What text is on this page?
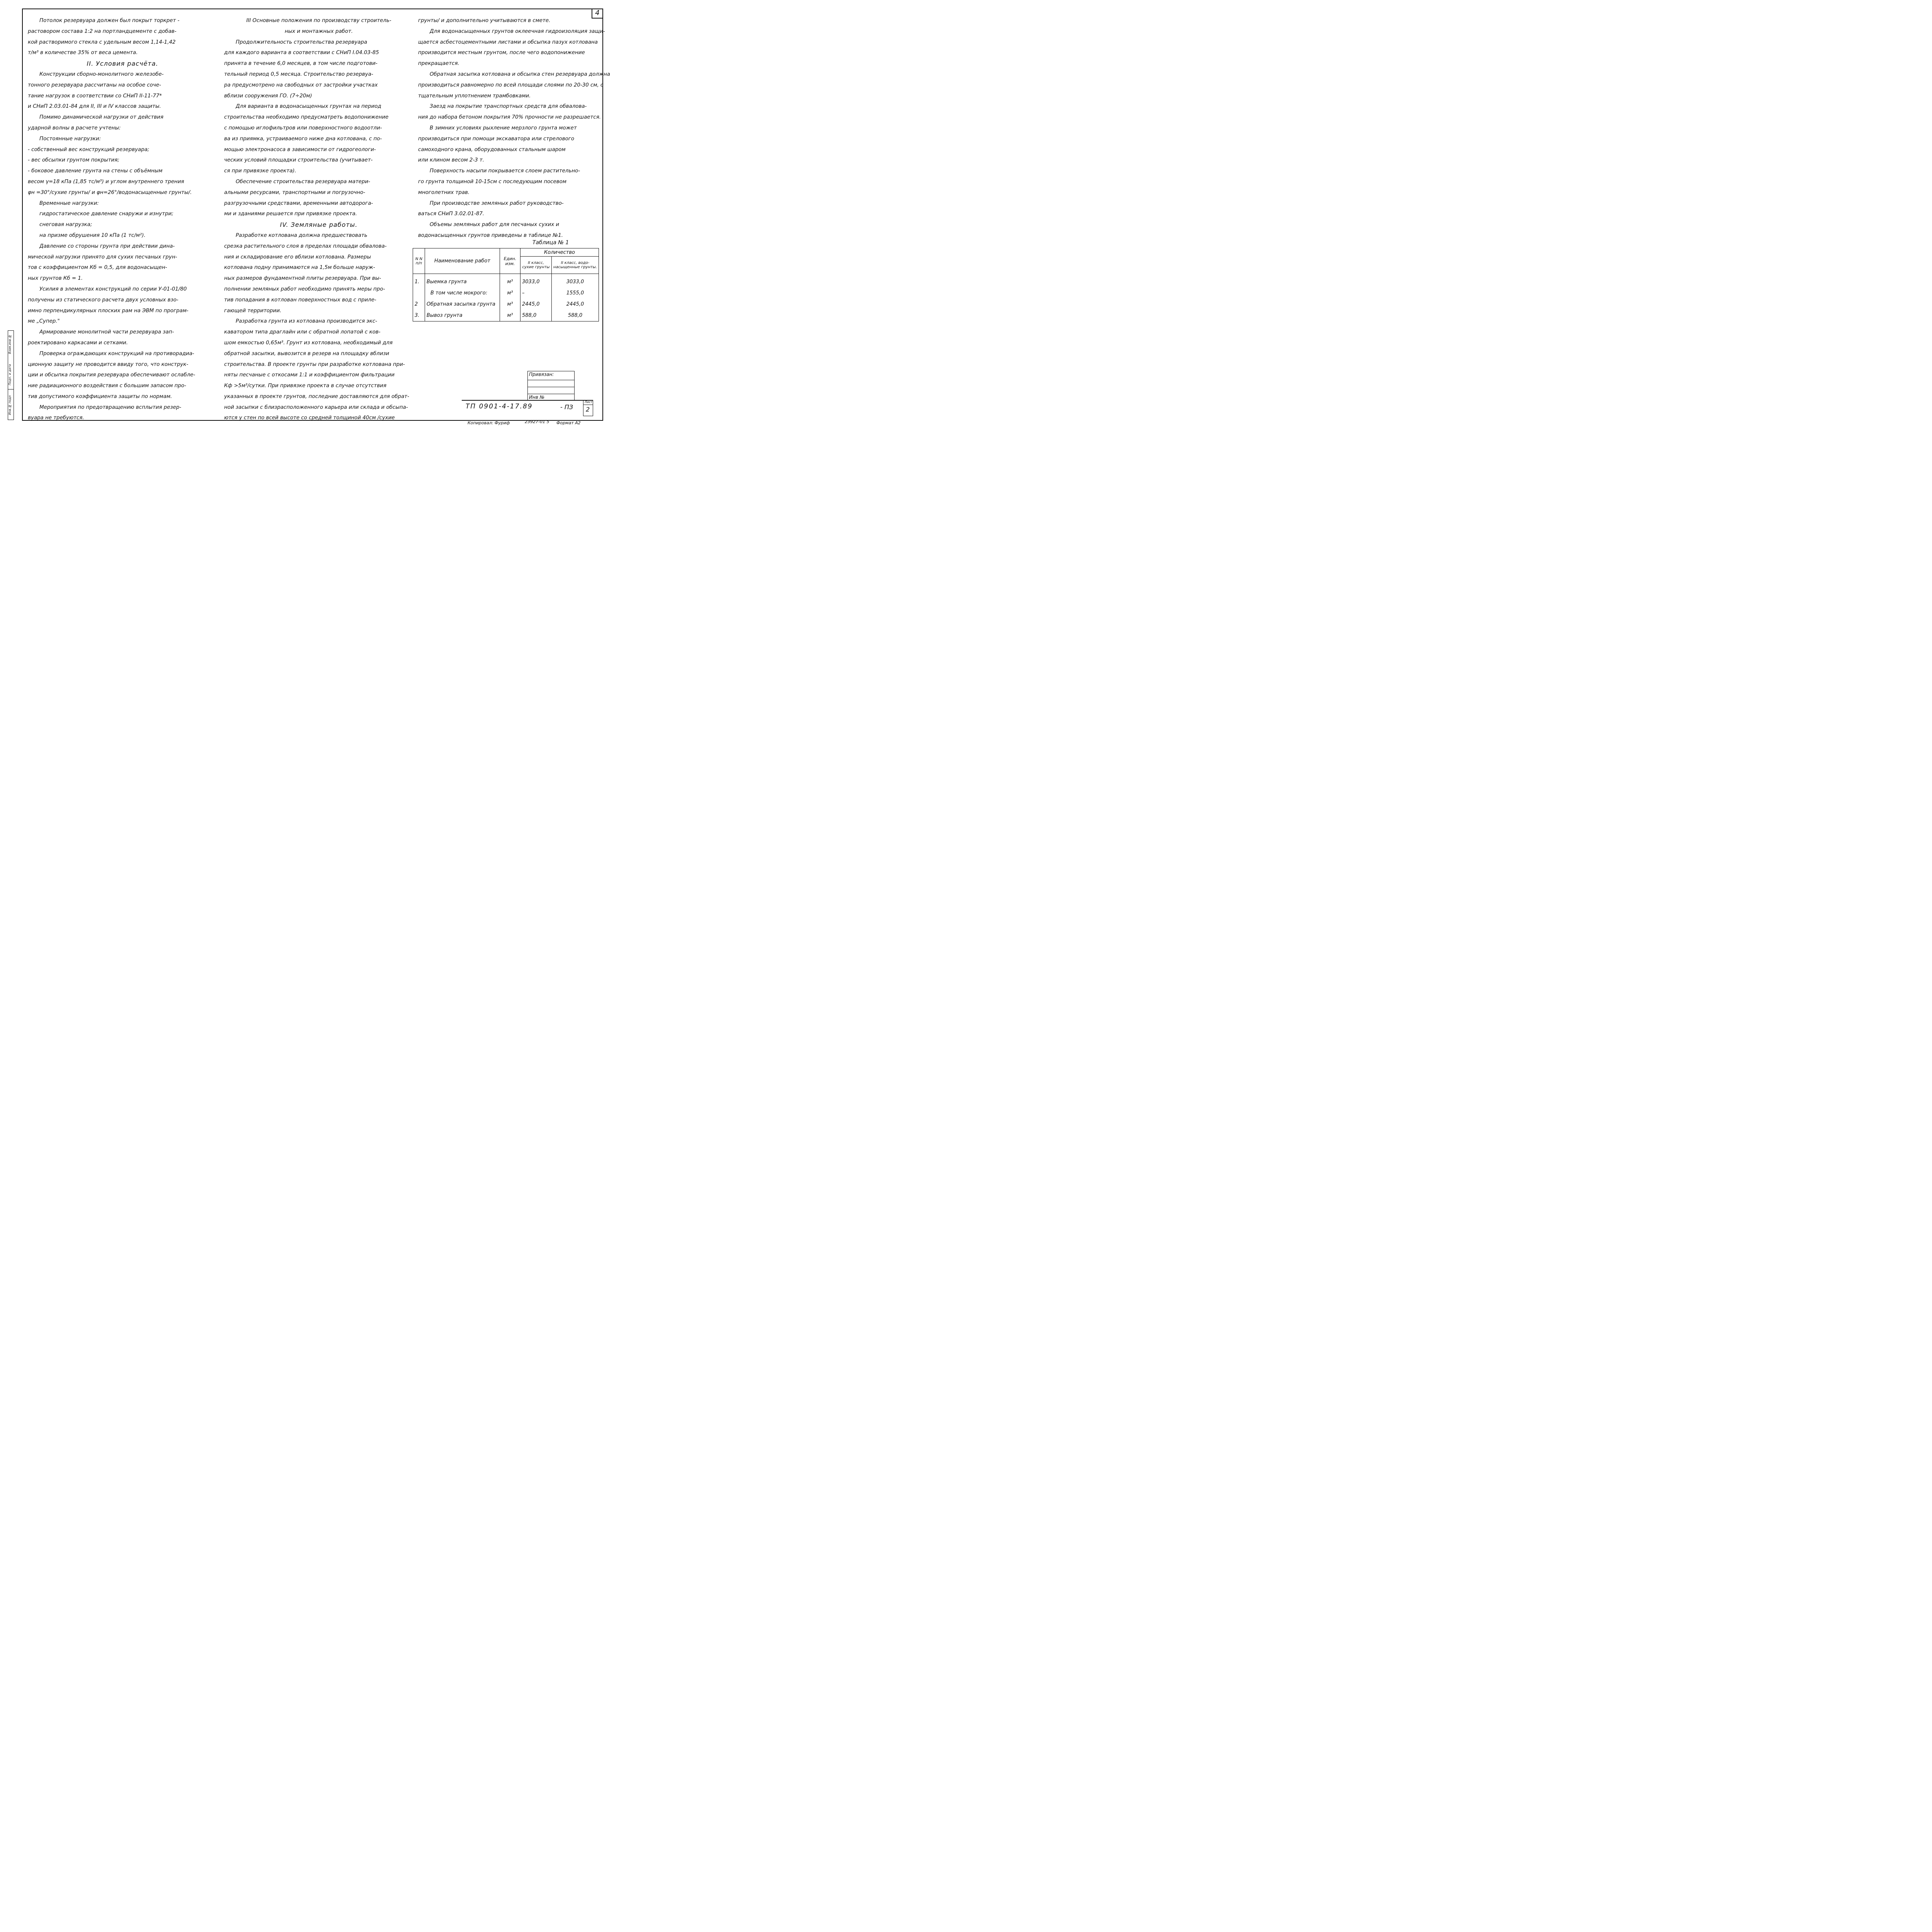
4
Взам.инв.№
Подп. и дата
Инв.№ подл
Потолок резервуара должен был покрыт торкрет -
растовором состава 1:2 на портландцементе с добав-
кой растворимого стекла с удельным весом 1,14-1,42
т/м³ в количестве 35% от веса цемента.
II. Условия расчёта.
Конструкции сборно-монолитного железобе-
тонного резервуара рассчитаны на особое соче-
тание нагрузок в соответствии со СНиП II-11-77*
и СНиП 2.03.01-84 для II, III и IV классов защиты.
Помимо динамической нагрузки от действия
ударной волны в расчете учтены:
Постоянные нагрузки:
- собственный вес конструкций резервуара;
- вес обсыпки грунтом покрытия;
- боковое давление грунта на стены с объёмным
весом γ=18 кПа (1,85 тс/м³) и углом внутреннего трения
φн =30°/сухие грунты/ и φн=26°/водонасыщенные грунты/.
Временные нагрузки:
гидростатическое давление снаружи и изнутри;
снеговая нагрузка;
на призме обрушения 10 кПа (1 тс/м²).
Давление со стороны грунта при действии дина-
мической нагрузки принято для сухих песчаных грун-
тов с коэффициентом Кб = 0,5, для водонасыщен-
ных грунтов Кб = 1.
Усилия в элементах конструкций по серии У-01-01/80
получены из статического расчета двух условных взо-
имно перпендикулярных плоских рам на ЭВМ по програм-
ме „Супер."
Армирование монолитной части резервуара зап-
роектировано каркасами и сетками.
Проверка ограждающих конструкций на противорадиа-
ционную защиту не проводится ввиду того, что конструк-
ции и обсыпка покрытия резервуара обеспечивают ослабле-
ние радиационного воздействия с большим запасом про-
тив допустимого коэффициента защиты по нормам.
Мероприятия по предотвращению всплытия резер-
вуара не требуются.
III Основные положения по производству строитель-
ных и монтажных работ.
Продолжительность строительства резервуара
для каждого варианта в соответствии с СНиП I.04.03-85
принята в течение 6,0 месяцев, в том числе подготови-
тельный период 0,5 месяца. Строительство резервуа-
ра предусмотрено на свободных от застройки участках
вблизи сооружения ГО. (7÷20м)
Для варианта в водонасыщенных грунтах на период
строительства необходимо предусматреть водопонижение
с помощью иглофильтров или поверхностного водоотли-
ва из приямка, устраиваемого ниже дна котлована, с по-
мощью электронасоса в зависимости от гидрогеологи-
ческих условий площадки строительства (учитывает-
ся при привязке проекта).
Обеспечение строительства резервуара матери-
альными ресурсами, транспортными и погрузочно-
разгрузочными средствами, временными автодорога-
ми и зданиями решается при привязке проекта.
IV. Земляные работы.
Разработке котлована должна предшествовать
срезка растительного слоя в пределах площади обвалова-
ния и складирование его вблизи котлована. Размеры
котлована подну принимаются на 1,5м больше наруж-
ных размеров фундаментной плиты резервуара. При вы-
полнении земляных работ необходимо принять меры про-
тив попадания в котлован поверхностных вод с приле-
гающей территории.
Разработка грунта из котлована производится экс-
каватором типа драглайн или с обратной лопатой с ков-
шом емкостью 0,65м³. Грунт из котлована, необходимый для
обратной засыпки, вывозится в резерв на площадку вблизи
строительства. В проекте грунты при разработке котлована при-
няты песчаные с откосами 1:1 и коэффициентом фильтрации
Кф >5м³/сутки. При привязке проекта в случае отсутствия
указанных в проекте грунтов, последние доставляются для обрат-
ной засыпки с близрасположенного карьера или склада и обсыпа-
ются у стен по всей высоте со средней толщиной 40см /сухие
грунты/ и дополнительно учитываются в смете.
Для водонасыщенных грунтов оклеечная гидроизоляция защи-
щается асбестоцементными листами и обсыпка пазух котлована
производится местным грунтом, после чего водопонижение
прекращается.
Обратная засыпка котлована и обсыпка стен резервуара должна
производиться равномерно по всей площади слоями по 20-30 см, с
тщательным уплотнением трамбовками.
Заезд на покрытие транспортных средств для обвалова-
ния до набора бетоном покрытия 70% прочности не разрешается.
В зимних условиях рыхление мерзлого грунта может
производиться при помощи экскаватора или стрелового
самоходного крана, оборудованных стальным шаром
или клином весом 2-3 т.
Поверхность насыпи покрывается слоем растительно-
го грунта толщиной 10-15см с последующим посевом
многолетних трав.
При производстве земляных работ руководство-
ваться СНиП 3.02.01-87.
Объемы земляных работ для песчаных сухих и
водонасыщенных грунтов приведены в таблице №1.
Таблица № 1
N N п/п	Наименование работ	Един. изм.	Количество	
			II класс, сухие грунты	II класс, водо-насыщенные грунты.
1.	Выемка грунта	м³	3033,0	3033,0
	В том числе мокрого:	м³	–	1555,0
2	Обратная засыпка грунта	м³	2445,0	2445,0
3.	Вывоз грунта	м³	588,0	588,0
Привязан:
Инв №
ТП 0901-4-17.89	- ПЗ
Лист
2
Копировал: Фуриф	23927-01 5 Формат А2
